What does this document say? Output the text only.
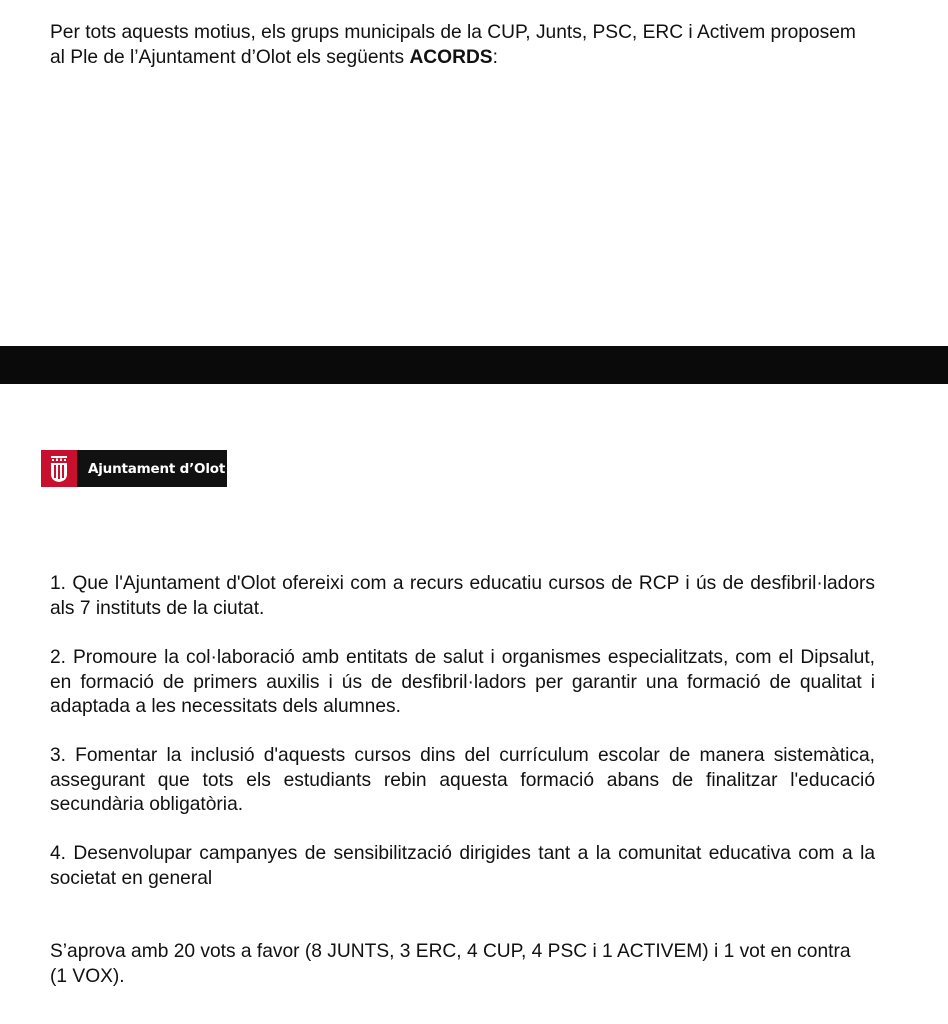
Per tots aquests motius, els grups municipals de la CUP, Junts, PSC, ERC i Activem proposem al Ple de l’Ajuntament d’Olot els següents ACORDS:
Ajuntament d’Olot
1. Que l'Ajuntament d'Olot ofereixi com a recurs educatiu cursos de RCP i ús de desfibril·ladors als 7 instituts de la ciutat.
2. Promoure la col·laboració amb entitats de salut i organismes especialitzats, com el Dipsalut, en formació de primers auxilis i ús de desfibril·ladors per garantir una formació de qualitat i adaptada a les necessitats dels alumnes.
3. Fomentar la inclusió d'aquests cursos dins del currículum escolar de manera sistemàtica, assegurant que tots els estudiants rebin aquesta formació abans de finalitzar l'educació secundària obligatòria.
4. Desenvolupar campanyes de sensibilització dirigides tant a la comunitat educativa com a la societat en general
S’aprova amb 20 vots a favor (8 JUNTS, 3 ERC, 4 CUP, 4 PSC i 1 ACTIVEM) i 1 vot en contra (1 VOX).
